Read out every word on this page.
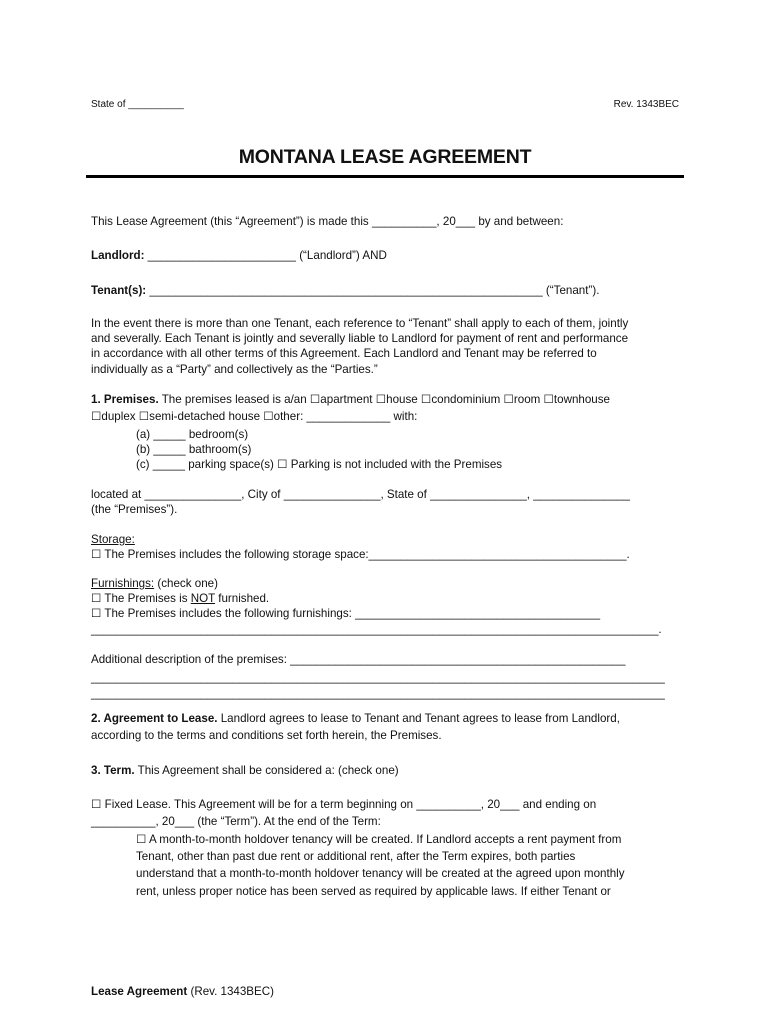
State of __________	Rev. 1343BEC
MONTANA LEASE AGREEMENT
This Lease Agreement (this “Agreement”) is made this __________, 20___ by and between:
Landlord: _______________________ (“Landlord”) AND
Tenant(s): _____________________________________________________________ (“Tenant”).
In the event there is more than one Tenant, each reference to “Tenant” shall apply to each of them, jointly
and severally. Each Tenant is jointly and severally liable to Landlord for payment of rent and performance
in accordance with all other terms of this Agreement. Each Landlord and Tenant may be referred to
individually as a “Party” and collectively as the “Parties.”
1. Premises. The premises leased is a/an ☐apartment ☐house ☐condominium ☐room ☐townhouse
☐duplex ☐semi-detached house ☐other: _____________ with:
(a) _____ bedroom(s)
(b) _____ bathroom(s)
(c) _____ parking space(s) ☐ Parking is not included with the Premises
located at _______________, City of _______________, State of _______________, _______________
(the “Premises”).
Storage:
☐ The Premises includes the following storage space:________________________________________.
Furnishings: (check one)
☐ The Premises is NOT furnished.
☐ The Premises includes the following furnishings: ______________________________________
________________________________________________________________________________________.
Additional description of the premises: ____________________________________________________
_________________________________________________________________________________________
_________________________________________________________________________________________
2. Agreement to Lease. Landlord agrees to lease to Tenant and Tenant agrees to lease from Landlord,
according to the terms and conditions set forth herein, the Premises.
3. Term. This Agreement shall be considered a: (check one)
☐ Fixed Lease. This Agreement will be for a term beginning on __________, 20___ and ending on
__________, 20___ (the “Term”). At the end of the Term:
☐ A month-to-month holdover tenancy will be created. If Landlord accepts a rent payment from
Tenant, other than past due rent or additional rent, after the Term expires, both parties
understand that a month-to-month holdover tenancy will be created at the agreed upon monthly
rent, unless proper notice has been served as required by applicable laws. If either Tenant or
Lease Agreement (Rev. 1343BEC)
